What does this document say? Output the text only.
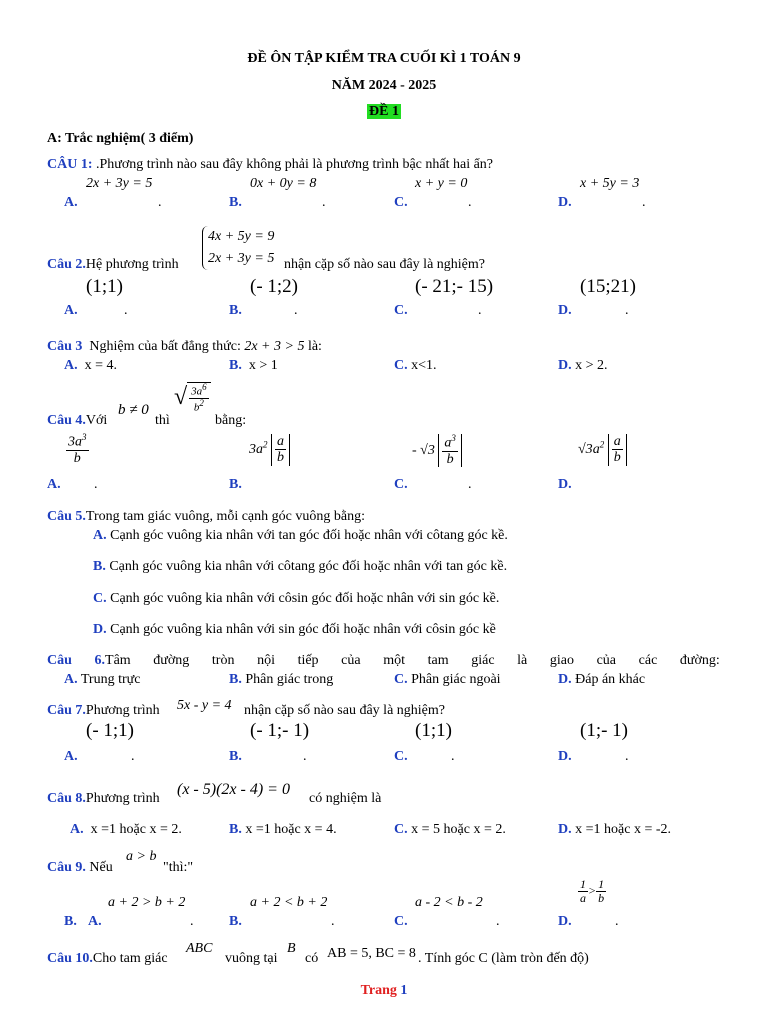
ĐỀ ÔN TẬP KIỂM TRA CUỐI KÌ 1 TOÁN 9
NĂM 2024 - 2025
ĐỀ 1
A: Trắc nghiệm( 3 điểm)
CÂU 1: .Phương trình nào sau đây không phải là phương trình bậc nhất hai ẩn?
2x + 3y = 5	0x + 0y = 8	x + y = 0	x + 5y = 3
A.	.	B.	.	C.	.	D.	.
Câu 2.Hệ phương trình
4x + 5y = 9
2x + 3y = 5 nhận cặp số nào sau đây là nghiệm?
(1;1)	(- 1;2)	(- 21;- 15)	(15;21)
A.	.	B.	.	C.	.	D.	.
Câu 3 Nghiệm của bất đẳng thức: 2x + 3 > 5 là:
A. x = 4.	B. x > 1	C. x<1.	D. x > 2.
Câu 4.Với
b ≠ 0
thì
√ $\frac{3a^6}{b^2}$
bằng:
$\frac{3a^3}{b}$	$3a^2 \frac{a}{b}$	- $√3 \frac{a^3}{b}$	$√3a^2 \frac{a}{b}$
A. .	B.	C.	.	D.
Câu 5.Trong tam giác vuông, mỗi cạnh góc vuông bằng:
A. Cạnh góc vuông kia nhân với tan góc đối hoặc nhân với côtang góc kề.
B. Cạnh góc vuông kia nhân với côtang góc đối hoặc nhân với tan góc kề.
C. Cạnh góc vuông kia nhân với côsin góc đối hoặc nhân với sin góc kề.
D. Cạnh góc vuông kia nhân với sin góc đối hoặc nhân với côsin góc kề
Câu 6.Tâm đường tròn nội tiếp của một tam giác là giao của các đường:
A. Trung trực	B. Phân giác trong	C. Phân giác ngoài	D. Đáp án khác
Câu 7.Phương trình 5x - y = 4 nhận cặp số nào sau đây là nghiệm?
(- 1;1)	(- 1;- 1)	(1;1)	(1;- 1)
A.	.	B.	.	C.	.	D.	.
Câu 8.Phương trình
(x - 5)(2x - 4) = 0
có nghiệm là
A. x =1 hoặc x = 2.	B. x =1 hoặc x = 4.	C. x = 5 hoặc x = 2.	D. x =1 hoặc x = -2.
Câu 9. Nếu
a > b
"thì:"
a + 2 > b + 2	a + 2 < b + 2	a - 2 < b - 2	$\frac{1}{a} > \frac{1}{b}$
B. A.	.	B.	.	C.	.	D.	.
Câu 10.Cho tam giác
ABC
vuông tại
B
có AB = 5, BC = 8 . Tính góc C (làm tròn đến độ)
Trang 1
